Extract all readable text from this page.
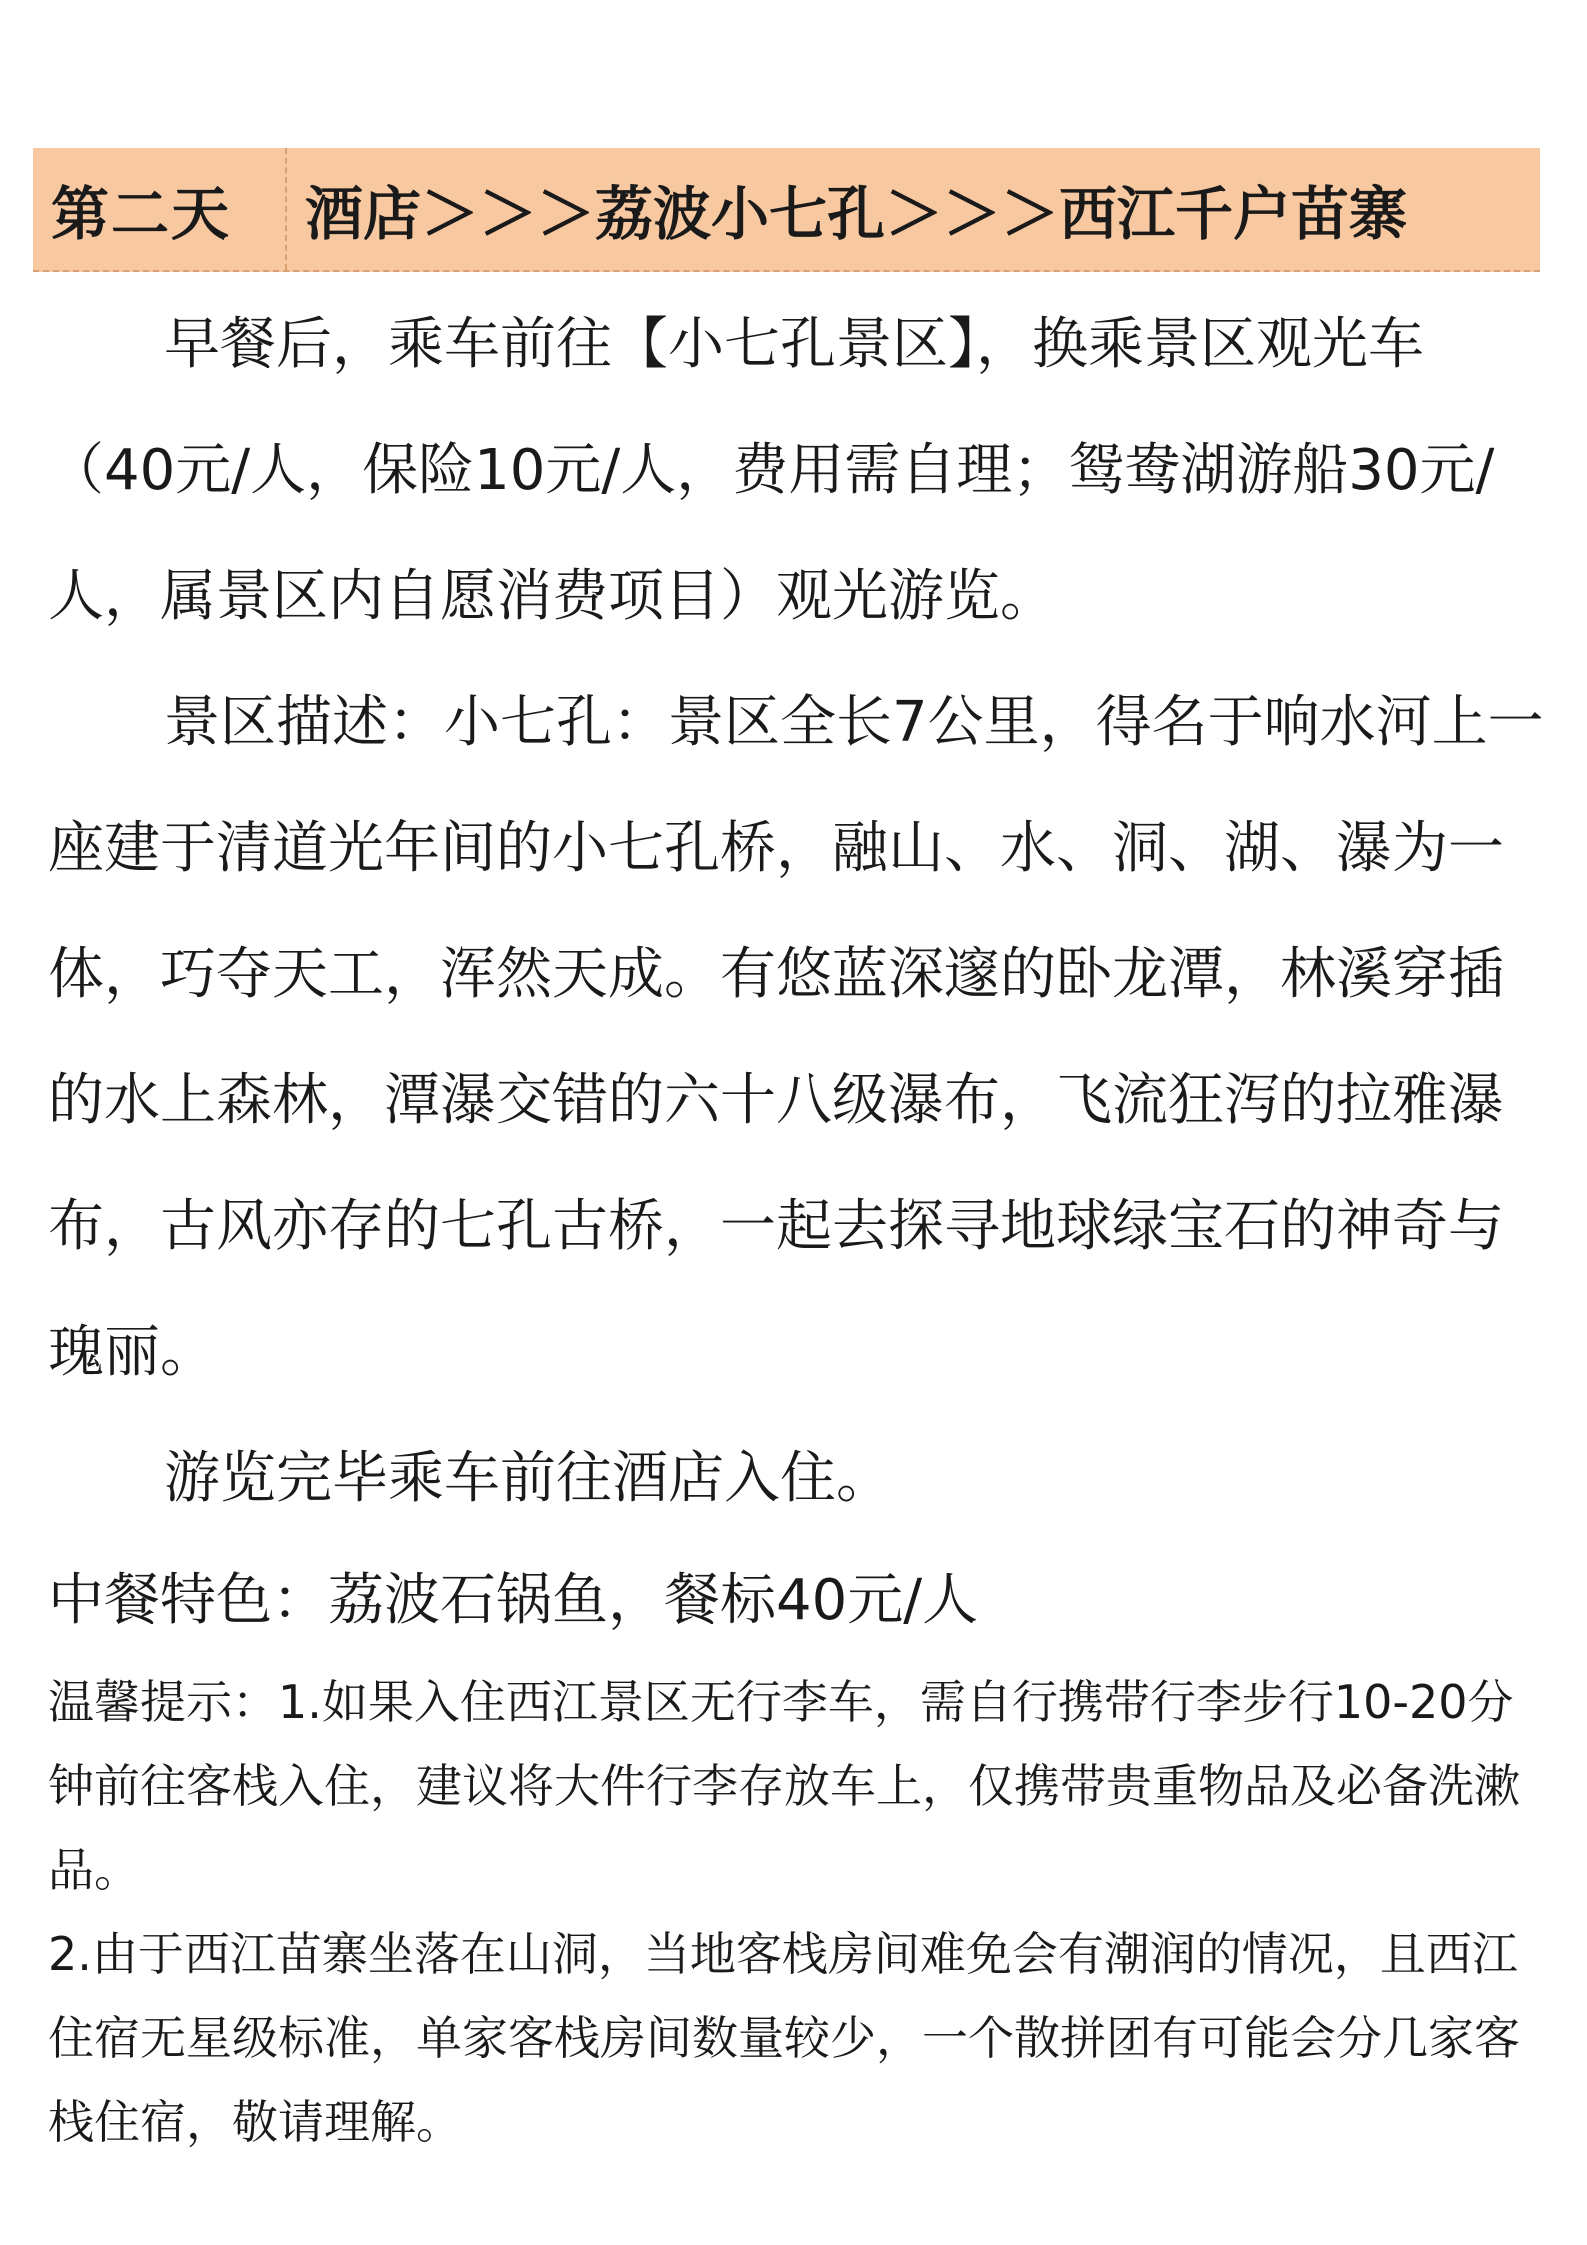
第二天	酒店＞＞＞荔波小七孔＞＞＞西江千户苗寨

早餐后，乘车前往【小七孔景区】，换乘景区观光车（40元/人，保险10元/人，费用需自理；鸳鸯湖游船30元/人，属景区内自愿消费项目）观光游览。

景区描述：小七孔：景区全长7公里，得名于响水河上一座建于清道光年间的小七孔桥，融山、水、洞、湖、瀑为一体，巧夺天工，浑然天成。有悠蓝深邃的卧龙潭，林溪穿插的水上森林，潭瀑交错的六十八级瀑布，飞流狂泻的拉雅瀑布，古风亦存的七孔古桥，一起去探寻地球绿宝石的神奇与瑰丽。

游览完毕乘车前往酒店入住。

中餐特色：荔波石锅鱼，餐标40元/人

温馨提示：1.如果入住西江景区无行李车，需自行携带行李步行10-20分钟前往客栈入住，建议将大件行李存放车上，仅携带贵重物品及必备洗漱品。

2.由于西江苗寨坐落在山洞，当地客栈房间难免会有潮润的情况，且西江住宿无星级标准，单家客栈房间数量较少，一个散拼团有可能会分几家客栈住宿，敬请理解。
